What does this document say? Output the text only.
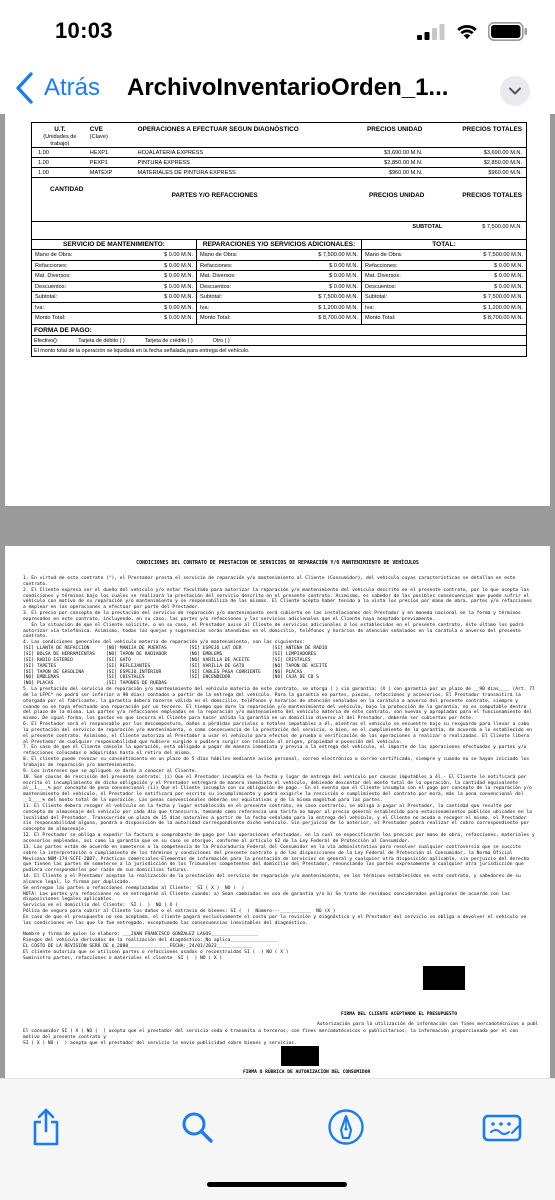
10:03
Atrás ArchivoInventarioOrden_1...
U.T.
(Unidades de trabajo)
CVE
(Clave)
OPERACIONES A EFECTUAR SEGUN DIAGNÓSTICO	PRECIOS UNIDAD	PRECIOS TOTALES
1.00	HEXP1	HOJALATERIA EXPRESS	$3,690.00 M.N.	$3,690.00 M.N.
1.00	PEXP1	PINTURA EXPRESS	$2,850.00 M.N.	$2,850.00 M.N.
1.00	MATEXP	MATERIALES DE PINTURA EXPRESS	$960.00 M.N.	$960.00 M.N.
CANTIDAD
PARTES Y/O REFACCIONES	PRECIOS UNIDAD	PRECIOS TOTALES
SUBTOTAL	$ 7,500.00 M.N.
SERVICIO DE MANTENIMIENTO:
Mano de Obra:	$ 0.00 M.N.
Refacciones:	$ 0.00 M.N.
Mat. Diversos:	$ 0.00 M.N.
Descuentos:	$ 0.00 M.N.
Subtotal:	$ 0.00 M.N.
Iva:	$ 0.00 M.N.
Monto Total:	$ 0.00 M.N.
REPARACIONES Y/O SERVICIOS ADICIONALES:
Mano de Obra:	$ 7,500.00 M.N.
Refacciones:	$ 0.00 M.N.
Mat. Diversos:	$ 0.00 M.N.
Descuentos:	$ 0.00 M.N.
Subtotal:	$ 7,500.00 M.N.
Iva:	$ 1,200.00 M.N.
Monto Total:	$ 8,700.00 M.N.
TOTAL:
Mano de Obra:	$ 7,500.00 M.N.
Refacciones:	$ 0.00 M.N.
Mat. Diversos:	$ 0.00 M.N.
Descuentos:	$ 0.00 M.N.
Subtotal:	$ 7,500.00 M.N.
Iva:	$ 1,200.00 M.N.
Monto Total:	$ 8,700.00 M.N.
FORMA DE PAGO:
Efectivo():	Tarjeta de débito ( )	Tarjeta de crédito ( )	Otro ( )
El monto total de la operación se liquidará en la fecha señalada para entrega del vehículo.
CONDICIONES DEL CONTRATO DE PRESTACION DE SERVICIOS DE REPARACIÓN Y/O MANTENIMIENTO DE VEHÍCULOS
1. En virtud de este contrato (°), el Prestador presta el servicio de reparación y/o mantenimiento al Cliente (Consumidor), del vehículo cuyas características se detallan en este contrato.
2. El Cliente expresa ser el dueño del vehículo y/o estar facultado para autorizar la reparación y/o mantenimiento del vehículo descrito en el presente contrato, por lo que acepta las condiciones y términos bajo los cuales se realizará la prestación del servicio descrito en el presente contrato. Asimismo, es sabedor de las posibles consecuencias que puede sufrir el vehículo con motivo de su reparación y/o mantenimiento y se responsabiliza de las mismas. El Cliente acepta haber tenido a la vista los precios por mano de obra, partes y/o refacciones a emplear en las operaciones a efectuar por parte del Prestador.
3. El precio por concepto de la prestación del servicio de reparación y/o mantenimiento será cubierto en las instalaciones del Prestador y en moneda nacional en la forma y términos expresados en este contrato, incluyendo, en su caso, las partes y/o refacciones y los servicios adicionales que el Cliente haya aceptado previamente.
En la situación de que el Cliente solicite, o en su caso, el Prestador avise al Cliente de servicios adicionales a los establecidos en el presente contrato, éste último los podrá autorizar vía telefónica. Asimismo, todas las quejas y sugerencias serán atendidas en el domicilio, teléfonos y horarios de atención señalados en la carátula o anverso del presente contrato.
4. Las condiciones generales del vehículo materia de reparación y/o mantenimiento, son las siguientes:
[SI] LLANTA DE REFACCION      [NO] MANIJA DE PUERTAS        [SI] ESPEJO LAT DER           [SI] ANTENA DE RADIO
[SI] BOLSA DE HERRAMIENTAS    [NO] TAPON DE RADIADOR        [NO] EMBLEMS                  [SI] LIMPIADORES
[SI] RADIO ESTEREO            [SI] GATO                     [NO] VARILLA DE ACEITE        [SI] CRISTALES
[SI] TAPETES                  [SI] REFLEJANTES              [SI] VARILLA DE GATO          [NO] TAPON DE ACEITE
[SI] TAPON DE GASOLINA        [SI] ESPEJO INTERIOR          [SI] CABLES PASA CORRIENTE    [NO] PLACAS
[NO] EMBLEMAS                 [SI] CRISTALES                [SI] ENCENDEDOR               [NO] CAJA DE CD S
[NO] PLACAS                   [SI] TAPONES DE RUEDAS
5. La prestación del servicio de reparación y/o mantenimiento del vehículo materia de este contrato, se otorga ( ) sin garantía; (X ) con garantía por un plazo de __90 días____ (Art. 77 de la LFPC* no podrá ser inferior a 90 días) contados a partir de la entrega del vehículo. Para la garantía en partes, piezas, refacciones y accesorios, El Prestador transmitirá la otorgada por el fabricante, la garantía deberá hacerse válida en el domicilio, teléfonos y horarios de atención señalados en la carátula o anverso del presente contrato, siempre y cuando no se haya efectuado una reparación por un tercero. El tiempo que dure la reparación y/o mantenimiento del vehículo, bajo la protección de la garantía, no es computable dentro del plazo de la misma. Las partes y/o refacciones empleadas en la reparación y/o mantenimiento del vehículo materia de este contrato, son nuevas y apropiadas para el funcionamiento del mismo. De igual forma, los gastos en que incurra el Cliente para hacer válida la garantía en un domicilio diverso al del Prestador, deberán ser cubiertos por éste.
6. El Prestador será el responsable por los descompostura, daños o pérdidas parciales o totales imputables a él, mientras el vehículo se encuentre bajo su resguardo para llevar a cabo la prestación del servicio de reparación y/o mantenimiento, o como consecuencia de la prestación del servicio, o bien, en el cumplimiento de la garantía, de acuerdo a lo establecido en el presente contrato. Asimismo, el Cliente autoriza al Prestador a usar el vehículo para efectos de prueba o verificación de las operaciones a realizar o realizadas. El Cliente libera al Prestador de cualquier responsabilidad que hubiere surgido o pudiera surgir con relación al origen, propiedad o posesión del vehículo.
7. En caso de que el Cliente cancele la operación, está obligado a pagar de manera inmediata y previa a la entrega del vehículo, el importe de las operaciones efectuadas y partes y/o refacciones colocadas o adquiridas hasta el retiro del mismo.
8. El cliente puede revocar su consentimiento en un plazo de 5 días hábiles mediante aviso personal, correo electrónico o correo certificado, siempre y cuando no se hayan iniciado los trabajos de reparación y/o mantenimiento.
9. Los intereses que se apliquen se darán a conocer al Cliente.
10. Son causas de rescisión del presente contrato: (i) Que el Prestador incumpla en la fecha y lugar de entrega del vehículo por causas imputables a él.- El Cliente le notificará por escrito el incumplimiento de dicha obligación y el Prestador entregará de manera inmediata el vehículo, debiendo descontar del monto total de la operación, la cantidad equivalente al__1____% por concepto de pena convencional (ii) Que el Cliente incumpla con su obligación de pago.- En el evento que el Cliente incumpla con el pago por concepto de la reparación y/o mantenimiento del vehículo, el Prestador le notificará por escrito su incumplimiento y podrá exigirle la rescisión o cumplimiento del contrato por mora, más la pena convencional del __1____% del monto total de la operación. Las penas convencionales deberán ser equitativas y de la misma magnitud para las partes.
11. El Cliente deberá recoger el vehículo en la fecha y lugar establecida en el presente contrato, en caso contrario, se obliga a pagar al Prestador, la cantidad que resulte por concepto de almacenaje del vehículo por cada día que transcurra, tomando como referencia una tarifa no mayor al precio general establecido para estacionamientos públicos ubicados en la localidad del Prestador. Transcurrido un plazo de 15 días naturales a partir de la fecha señalada para la entrega del vehículo, y el Cliente no acuda a recoger el mismo, el Prestador sin responsabilidad alguna, pondrá a disposición de la autoridad correspondiente dicho vehículo. Sin perjuicio de lo anterior, el Prestador podrá realizar el cobro correspondiente por concepto de almacenaje.
12. El Prestador se obliga a expedir la factura o comprobante de pago por las operaciones efectuadas, en la cual se especificarán los precios por mano de obra, refacciones, materiales y accesorios empleados, así como la garantía que en su caso se otorgue, conforme al artículo 62 de la Ley Federal de Protección al Consumidor.
13. Las partes están de acuerdo en someterse a la competencia de la Procuraduría Federal del Consumidor en la vía administrativa para resolver cualquier controversia que se suscite sobre la interpretación o cumplimiento de los términos y condiciones del presente contrato y de las disposiciones de la Ley Federal de Protección al Consumidor, la Norma Oficial Mexicana NOM-174-SCFI-2007, Prácticas comerciales-Elementos de información para la prestación de servicios en general y cualquier otra disposición aplicable, sin perjuicio del derecho que tienen las partes de someterse a la jurisdicción de los Tribunales competentes del domicilio del Prestador, renunciando las partes expresamente a cualquier otra jurisdicción que pudiera corresponderles por razón de sus domicilios futuros.
14. El Cliente y el Prestador aceptan la realización de la prestación del servicio de reparación y/o mantenimiento, en los términos establecidos en este contrato, y sabedores de su alcance legal, lo firman por duplicado.
Se entregan las partes o refacciones reemplazadas al Cliente:  SI ( X )  NO (  )
NOTA: Las partes y/o refacciones no se entregarán al Cliente cuando: a) Sean cambiadas en uso de garantía y/o b) Se trate de residuos considerados peligrosos de acuerdo con las disposiciones legales aplicables.
Servicio en el domicilio del Cliente:  SI (  )  NO ( X )
Póliza de seguro para cubrir al Cliente los daños o el extravío de bienes: SI (  )  Número---___________  NO (X )
En caso de que el presupuesto no sea aceptado, el cliente pagará exclusivamente el costo por la revisión y diagnóstico y el Prestador del servicio se obliga a devolver el vehículo en las condiciones en las que lo fue entregado, exceptuando las consecuencias inevitables del diagnóstico.

Nombre y firma de quien lo elaboró: ___JUAN FRANCISCO GONZALEZ LAGOS_________________
Riesgos del vehículo derivados de la realización del diagnóstico:_No aplica_________________
EL COSTO DE LA REVISIÓN SERÁ DE $_2088_______________FECHA:_24/01/2023_____________
El cliente autoriza que se utilicen partes o refacciones usadas o reconstruidas SI (  ) NO ( X )
Suministra partes, refacciones o materiales el cliente  SI (  ) NO ( X )
FIRMA DEL CLIENTE ACEPTANDO EL PRESUPUESTO
Autorización para la utilización de información con fines mercadotécnicos o publ
El consumidor SI ( X ) NO (  ) acepta que el prestador del servicio ceda o transmita a terceros, con fines mercadotécnicos o publicitarios, la información proporcionada por el con motivo del presente contrato y
SI ( X ) NO (  ) acepta que el prestador del servicio le envíe publicidad sobre bienes y servicios.
FIRMA O RÚBRICA DE AUTORIZACIÓN DEL CONSUMIDOR
